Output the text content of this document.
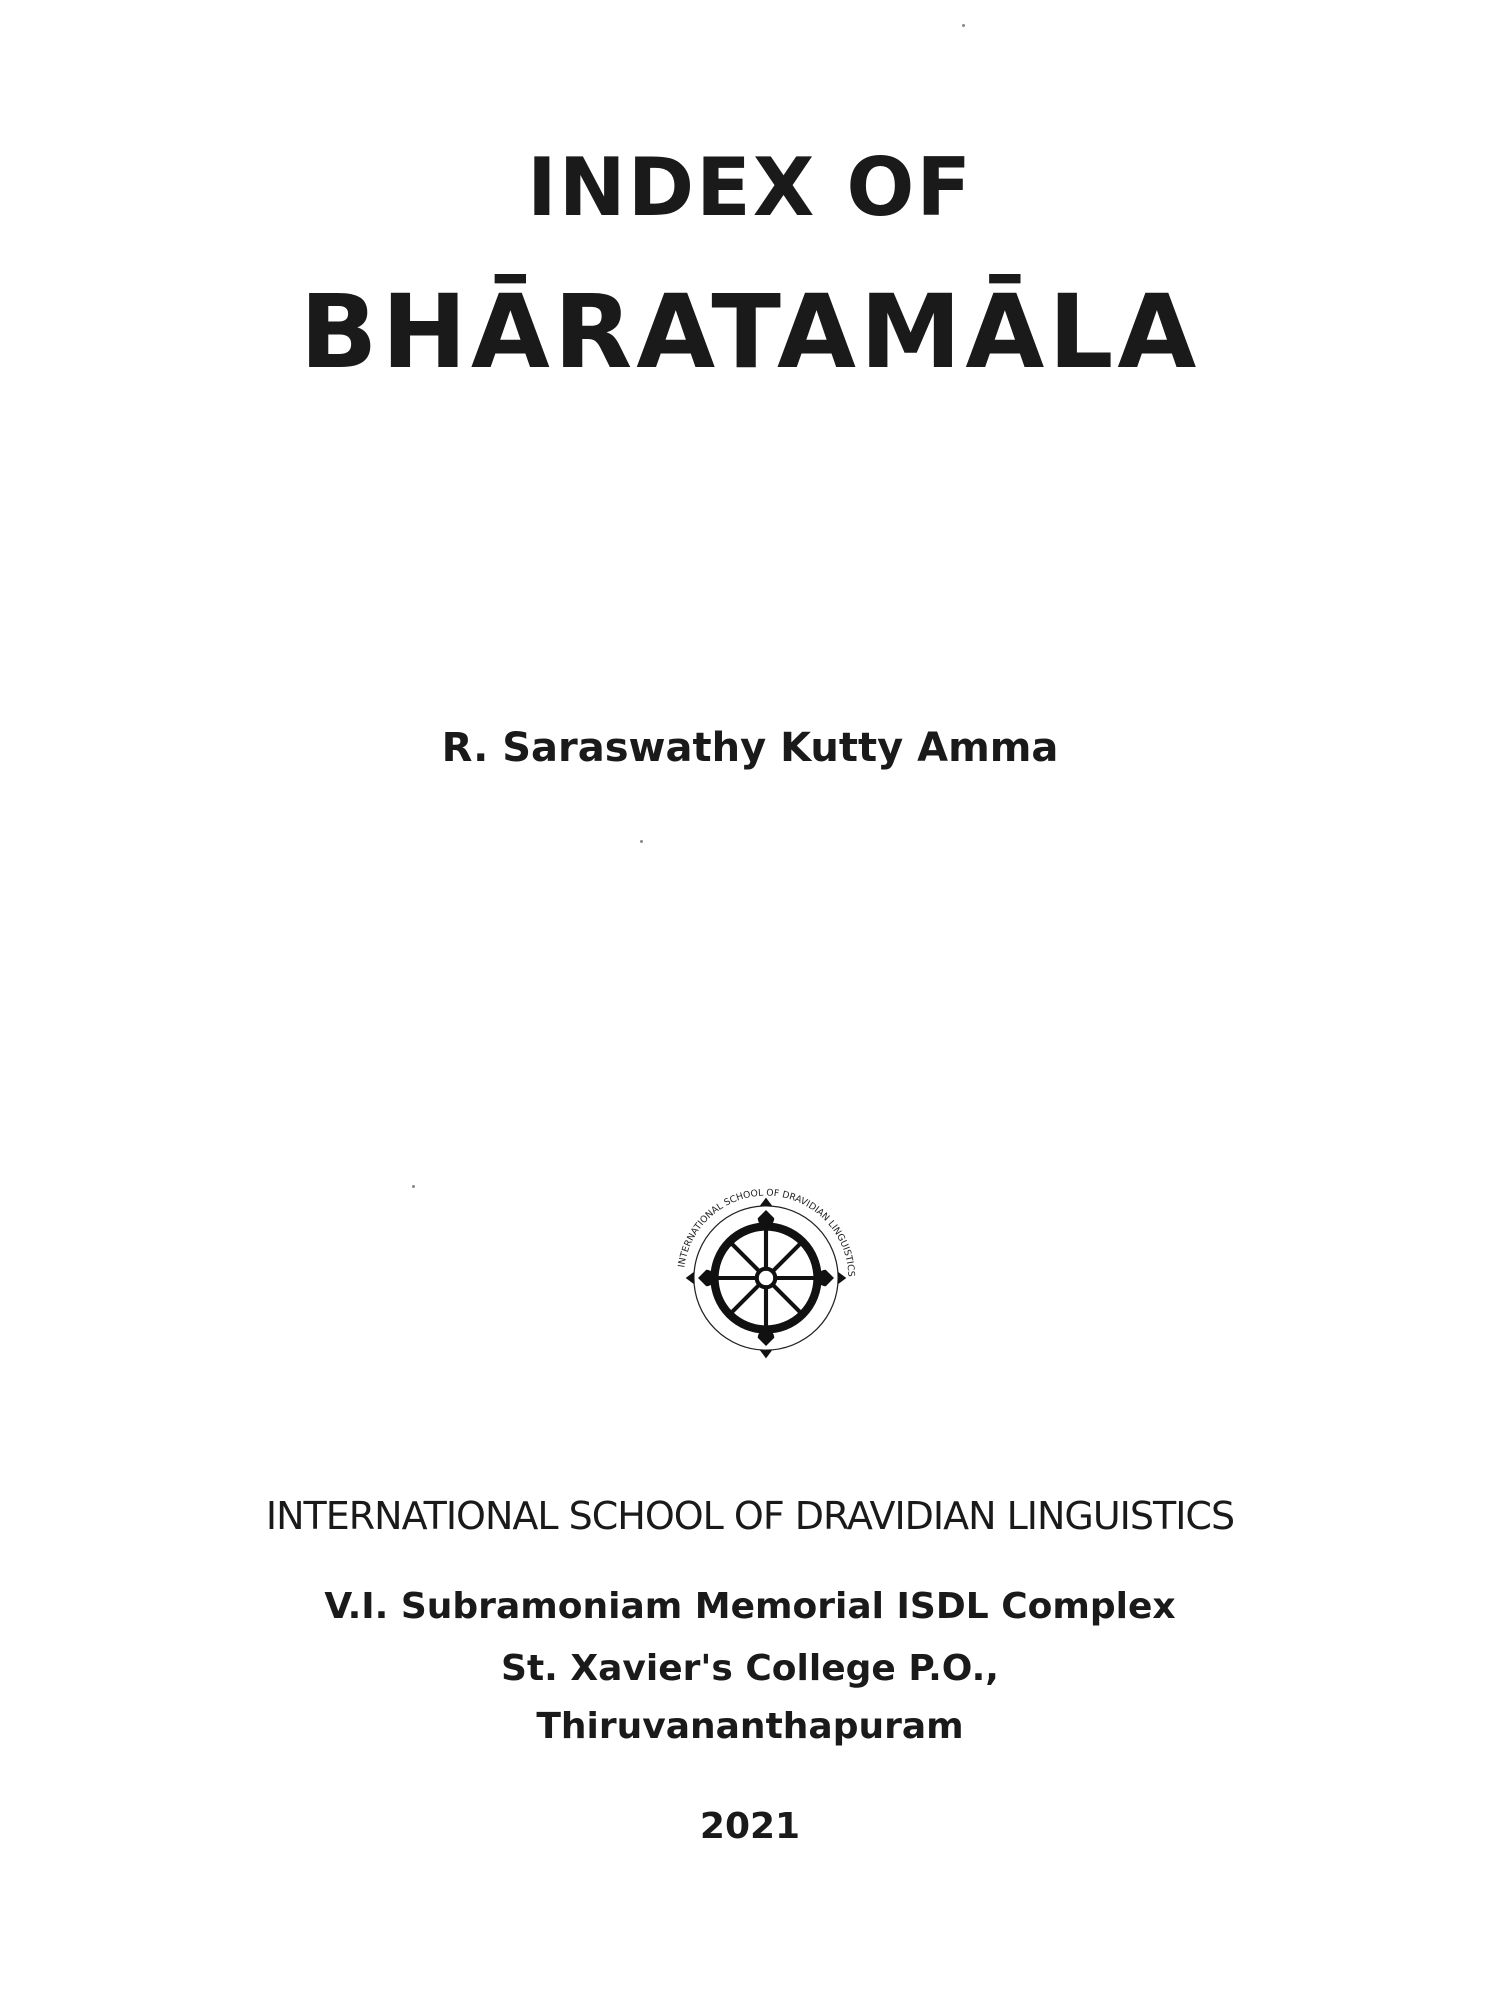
INDEX OF
BHĀRATAMĀLA
R. Saraswathy Kutty Amma
INTERNATIONAL SCHOOL OF DRAVIDIAN LINGUISTICS
INTERNATIONAL SCHOOL OF DRAVIDIAN LINGUISTICS
V.I. Subramoniam Memorial ISDL Complex
St. Xavier's College P.O.,
Thiruvananthapuram
2021
